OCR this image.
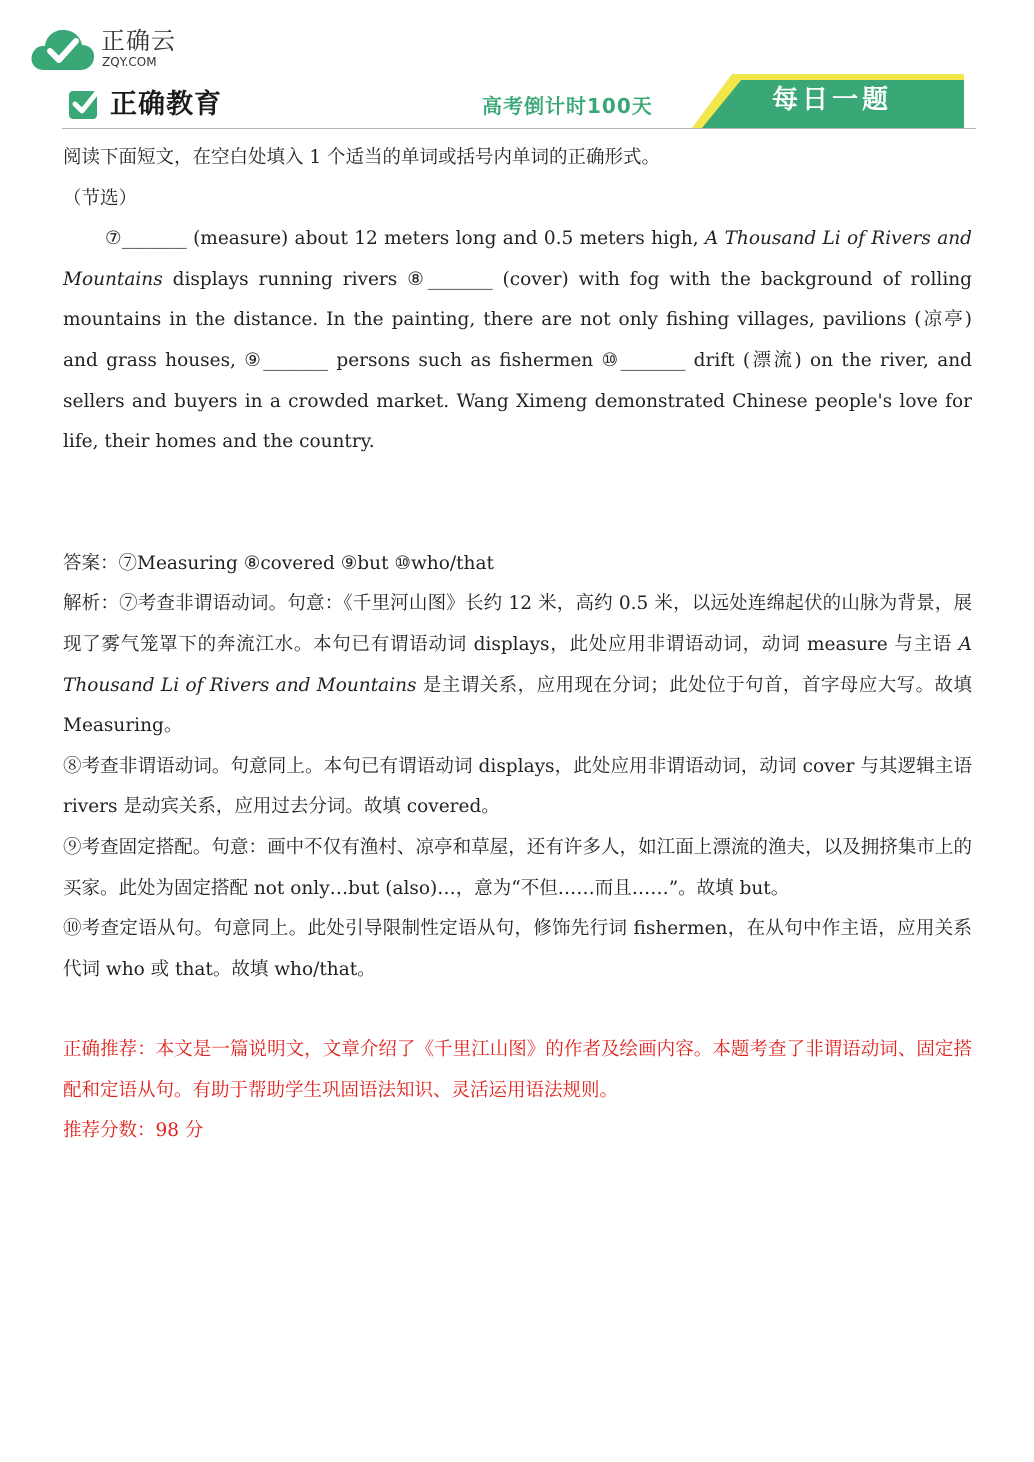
正确云
ZQY.COM
正确教育	高考倒计时100天	每日一题

阅读下面短文，在空白处填入 1 个适当的单词或括号内单词的正确形式。

（节选）

⑦_______ (measure) about 12 meters long and 0.5 meters high, A Thousand Li of Rivers and Mountains displays running rivers ⑧_______ (cover) with fog with the background of rolling mountains in the distance. In the painting, there are not only fishing villages, pavilions (凉亭) and grass houses, ⑨_______ persons such as fishermen ⑩_______ drift (漂流) on the river, and sellers and buyers in a crowded market. Wang Ximeng demonstrated Chinese people's love for life, their homes and the country.

答案：⑦Measuring ⑧covered ⑨but ⑩who/that

解析：⑦考查非谓语动词。句意：《千里河山图》长约 12 米，高约 0.5 米，以远处连绵起伏的山脉为背景，展现了雾气笼罩下的奔流江水。本句已有谓语动词 displays，此处应用非谓语动词，动词 measure 与主语 A Thousand Li of Rivers and Mountains 是主谓关系，应用现在分词；此处位于句首，首字母应大写。故填 Measuring。

⑧考查非谓语动词。句意同上。本句已有谓语动词 displays，此处应用非谓语动词，动词 cover 与其逻辑主语 rivers 是动宾关系，应用过去分词。故填 covered。

⑨考查固定搭配。句意：画中不仅有渔村、凉亭和草屋，还有许多人，如江面上漂流的渔夫，以及拥挤集市上的买家。此处为固定搭配 not only…but (also)…，意为“不但……而且……”。故填 but。

⑩考查定语从句。句意同上。此处引导限制性定语从句，修饰先行词 fishermen，在从句中作主语，应用关系代词 who 或 that。故填 who/that。

正确推荐：本文是一篇说明文，文章介绍了《千里江山图》的作者及绘画内容。本题考查了非谓语动词、固定搭配和定语从句。有助于帮助学生巩固语法知识、灵活运用语法规则。

推荐分数：98 分
